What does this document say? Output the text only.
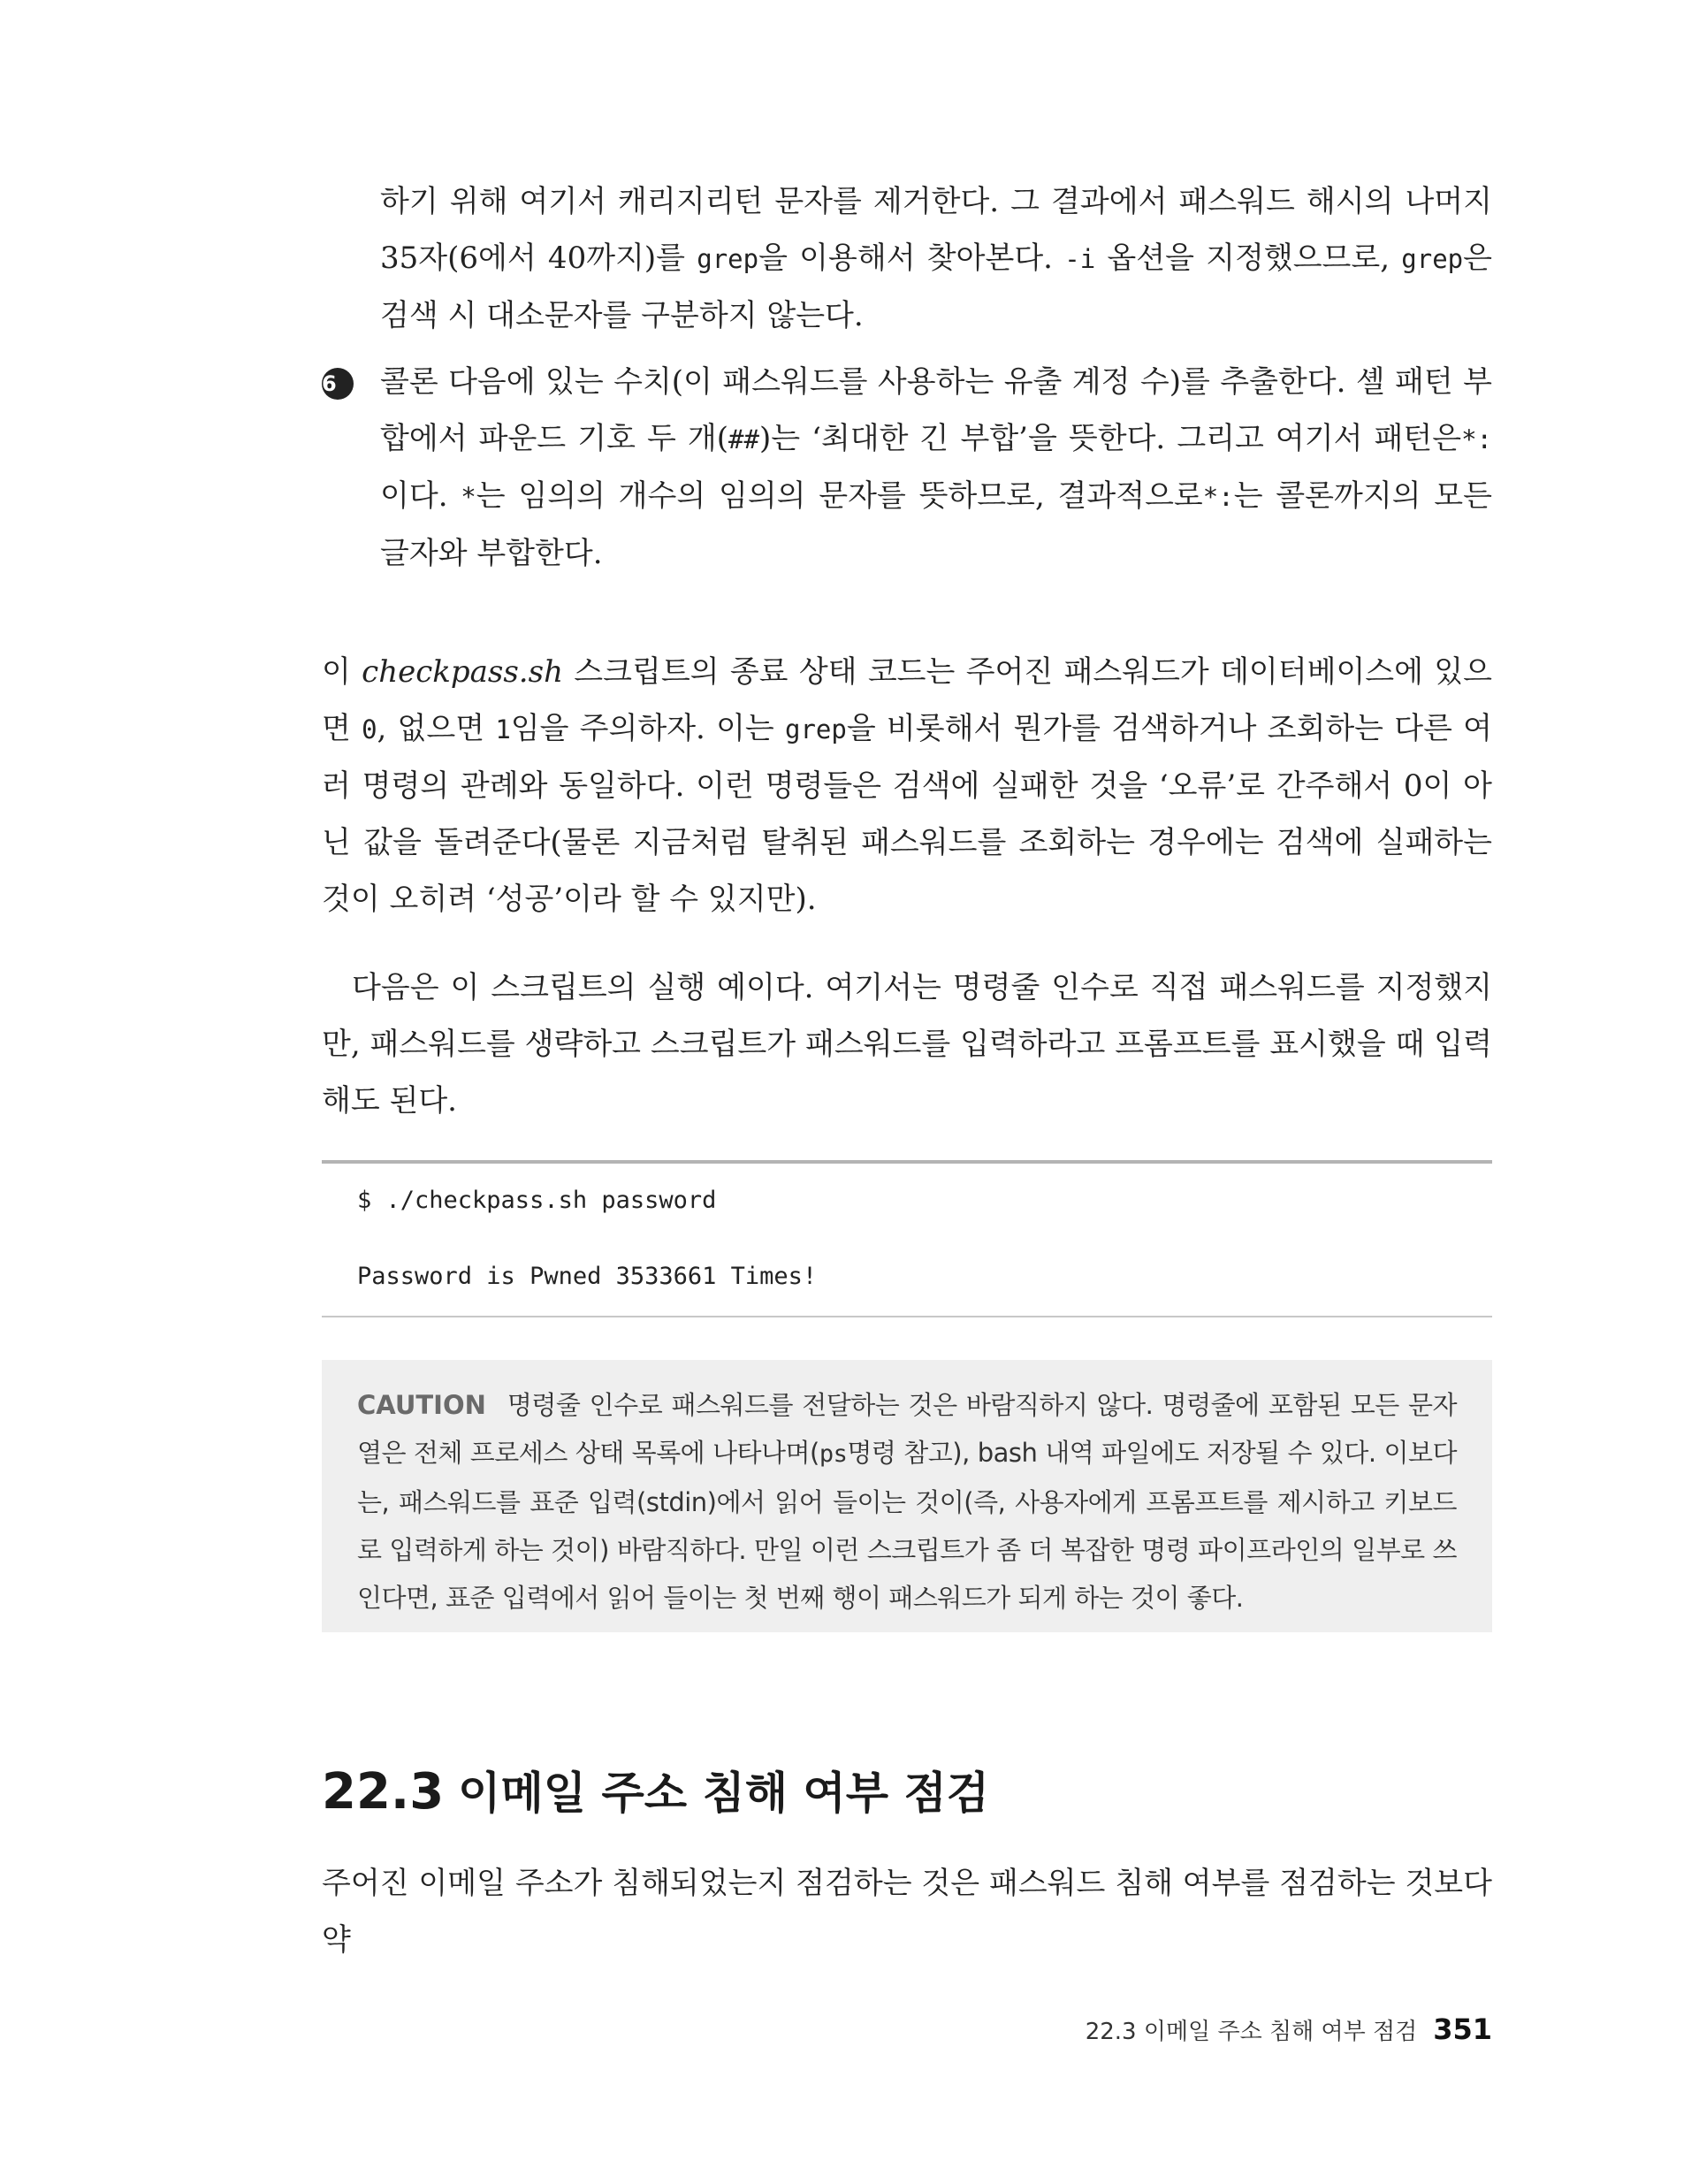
하기 위해 여기서 캐리지리턴 문자를 제거한다. 그 결과에서 패스워드 해시의 나머지35자(6에서 40까지)를 grep을 이용해서 찾아본다. -i 옵션을 지정했으므로, grep은 검색 시 대소문자를 구분하지 않는다.
6	콜론 다음에 있는 수치(이 패스워드를 사용하는 유출 계정 수)를 추출한다. 셸 패턴 부합에서 파운드 기호 두 개(##)는 ‘최대한 긴 부합’을 뜻한다. 그리고 여기서 패턴은*:이다. *는 임의의 개수의 임의의 문자를 뜻하므로, 결과적으로*:는 콜론까지의 모든 글자와 부합한다.
이 checkpass.sh 스크립트의 종료 상태 코드는 주어진 패스워드가 데이터베이스에 있으면 0, 없으면 1임을 주의하자. 이는 grep을 비롯해서 뭔가를 검색하거나 조회하는 다른 여러 명령의 관례와 동일하다. 이런 명령들은 검색에 실패한 것을 ‘오류’로 간주해서 0이 아닌 값을 돌려준다(물론 지금처럼 탈취된 패스워드를 조회하는 경우에는 검색에 실패하는 것이 오히려 ‘성공’이라 할 수 있지만).
다음은 이 스크립트의 실행 예이다. 여기서는 명령줄 인수로 직접 패스워드를 지정했지만, 패스워드를 생략하고 스크립트가 패스워드를 입력하라고 프롬프트를 표시했을 때 입력해도 된다.
$ ./checkpass.sh password
Password is Pwned 3533661 Times!
CAUTION 명령줄 인수로 패스워드를 전달하는 것은 바람직하지 않다. 명령줄에 포함된 모든 문자열은 전체 프로세스 상태 목록에 나타나며(ps명령 참고), bash 내역 파일에도 저장될 수 있다. 이보다는, 패스워드를 표준 입력(stdin)에서 읽어 들이는 것이(즉, 사용자에게 프롬프트를 제시하고 키보드로 입력하게 하는 것이) 바람직하다. 만일 이런 스크립트가 좀 더 복잡한 명령 파이프라인의 일부로 쓰인다면, 표준 입력에서 읽어 들이는 첫 번째 행이 패스워드가 되게 하는 것이 좋다.
22.3 이메일 주소 침해 여부 점검
주어진 이메일 주소가 침해되었는지 점검하는 것은 패스워드 침해 여부를 점검하는 것보다 약
22.3 이메일 주소 침해 여부 점검 351
